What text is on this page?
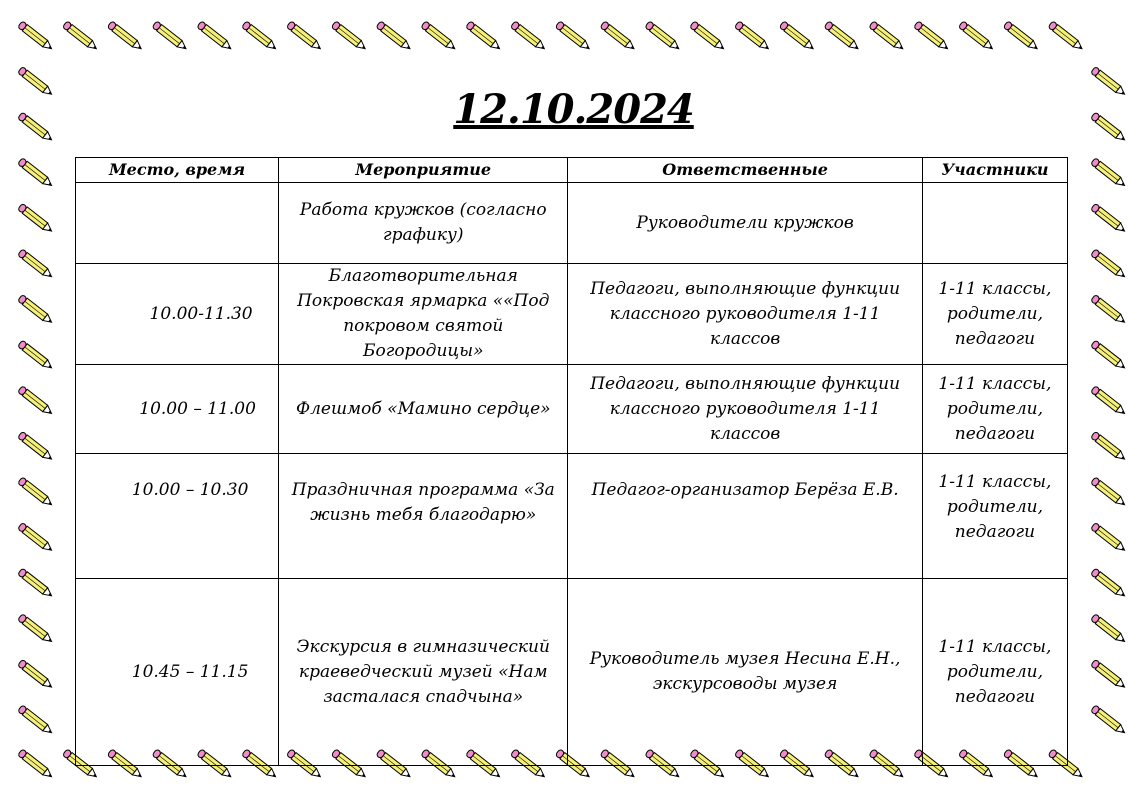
12.10.2024
Место, время	Мероприятие	Ответственные	Участники
	Работа кружков (согласно графику)	Руководители кружков	
10.00-11.30	Благотворительная Покровская ярмарка ««Под покровом святой Богородицы»	Педагоги, выполняющие функции классного руководителя 1-11 классов	1-11 классы, родители, педагоги
10.00 – 11.00	Флешмоб «Мамино сердце»	Педагоги, выполняющие функции классного руководителя 1-11 классов	1-11 классы, родители, педагоги
10.00 – 10.30	Праздничная программа «За жизнь тебя благодарю»	Педагог-организатор Берёза Е.В.	1-11 классы, родители, педагоги
10.45 – 11.15	Экскурсия в гимназический краеведческий музей «Нам засталася спадчына»	Руководитель музея Несина Е.Н., экскурсоводы музея	1-11 классы, родители, педагоги
